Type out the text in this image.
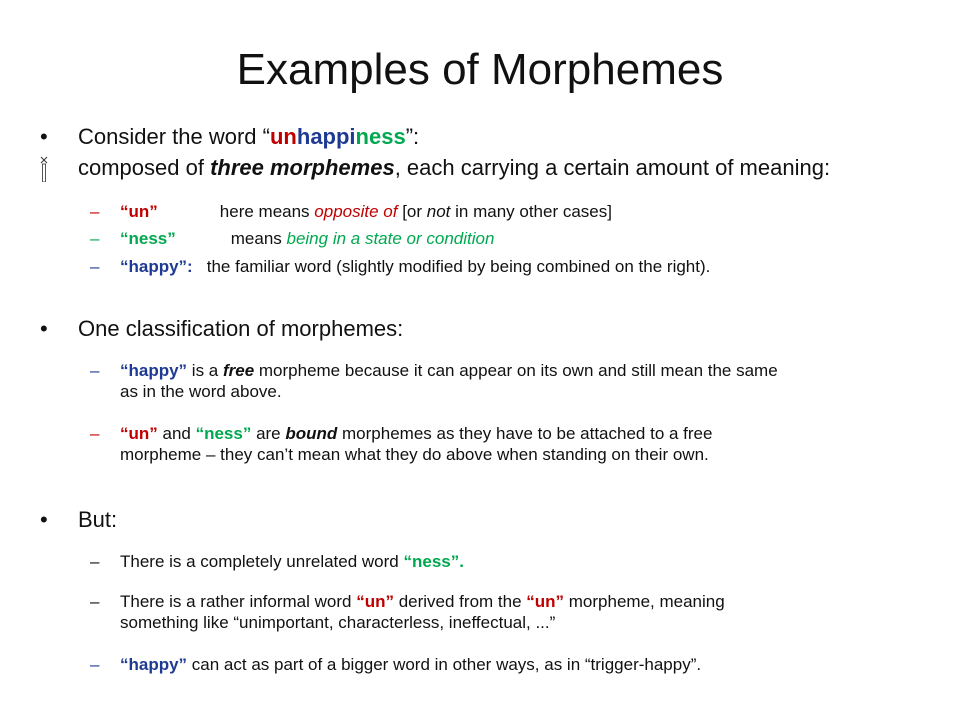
Examples of Morphemes
• Consider the word “unhappiness”:
composed of three morphemes, each carrying a certain amount of meaning:
– “un”	here means opposite of [or not in many other cases]
– “ness”	means being in a state or condition
– “happy”: the familiar word (slightly modified by being combined on the right).
• One classification of morphemes:
– “happy” is a free morpheme because it can appear on its own and still mean the same
as in the word above.
– “un” and “ness” are bound morphemes as they have to be attached to a free
morpheme – they can’t mean what they do above when standing on their own.
• But:
– There is a completely unrelated word “ness”.
– There is a rather informal word “un” derived from the “un” morpheme, meaning
something like “unimportant, characterless, ineffectual, ...”
– “happy” can act as part of a bigger word in other ways, as in “trigger-happy”.
